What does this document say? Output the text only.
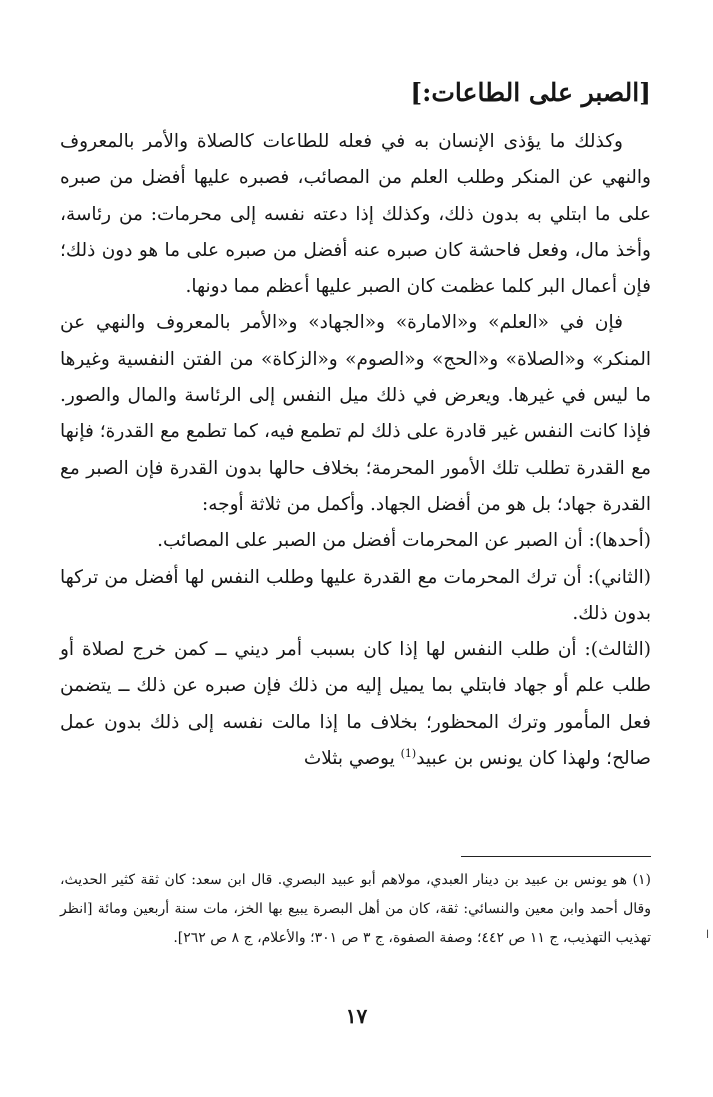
[الصبر على الطاعات:]

وكذلك ما يؤذى الإنسان به في فعله للطاعات كالصلاة والأمر بالمعروف والنهي عن المنكر وطلب العلم من المصائب، فصبره عليها أفضل من صبره على ما ابتلي به بدون ذلك، وكذلك إذا دعته نفسه إلى محرمات: من رئاسة، وأخذ مال، وفعل فاحشة كان صبره عنه أفضل من صبره على ما هو دون ذلك؛ فإن أعمال البر كلما عظمت كان الصبر عليها أعظم مما دونها.

فإن في «العلم» و«الامارة» و«الجهاد» و«الأمر بالمعروف والنهي عن المنكر» و«الصلاة» و«الحج» و«الصوم» و«الزكاة» من الفتن النفسية وغيرها ما ليس في غيرها. ويعرض في ذلك ميل النفس إلى الرئاسة والمال والصور. فإذا كانت النفس غير قادرة على ذلك لم تطمع فيه، كما تطمع مع القدرة؛ فإنها مع القدرة تطلب تلك الأمور المحرمة؛ بخلاف حالها بدون القدرة فإن الصبر مع القدرة جهاد؛ بل هو من أفضل الجهاد. وأكمل من ثلاثة أوجه:

(أحدها): أن الصبر عن المحرمات أفضل من الصبر على المصائب.

(الثاني): أن ترك المحرمات مع القدرة عليها وطلب النفس لها أفضل من تركها بدون ذلك.

(الثالث): أن طلب النفس لها إذا كان بسبب أمر ديني ــ كمن خرج لصلاة أو طلب علم أو جهاد فابتلي بما يميل إليه من ذلك فإن صبره عن ذلك ــ يتضمن فعل المأمور وترك المحظور؛ بخلاف ما إذا مالت نفسه إلى ذلك بدون عمل صالح؛ ولهذا كان يونس بن عبيد$^{(1)}$ يوصي بثلاث

(١) هو يونس بن عبيد بن دينار العبدي، مولاهم أبو عبيد البصري. قال ابن سعد: كان ثقة كثير الحديث، وقال أحمد وابن معين والنسائي: ثقة، كان من أهل البصرة يبيع بها الخز، مات سنة أربعين ومائة [انظر تهذيب التهذيب، ج ١١ ص ٤٤٢؛ وصفة الصفوة، ج ٣ ص ٣٠١؛ والأعلام، ج ٨ ص ٢٦٢].

١٧
ا
